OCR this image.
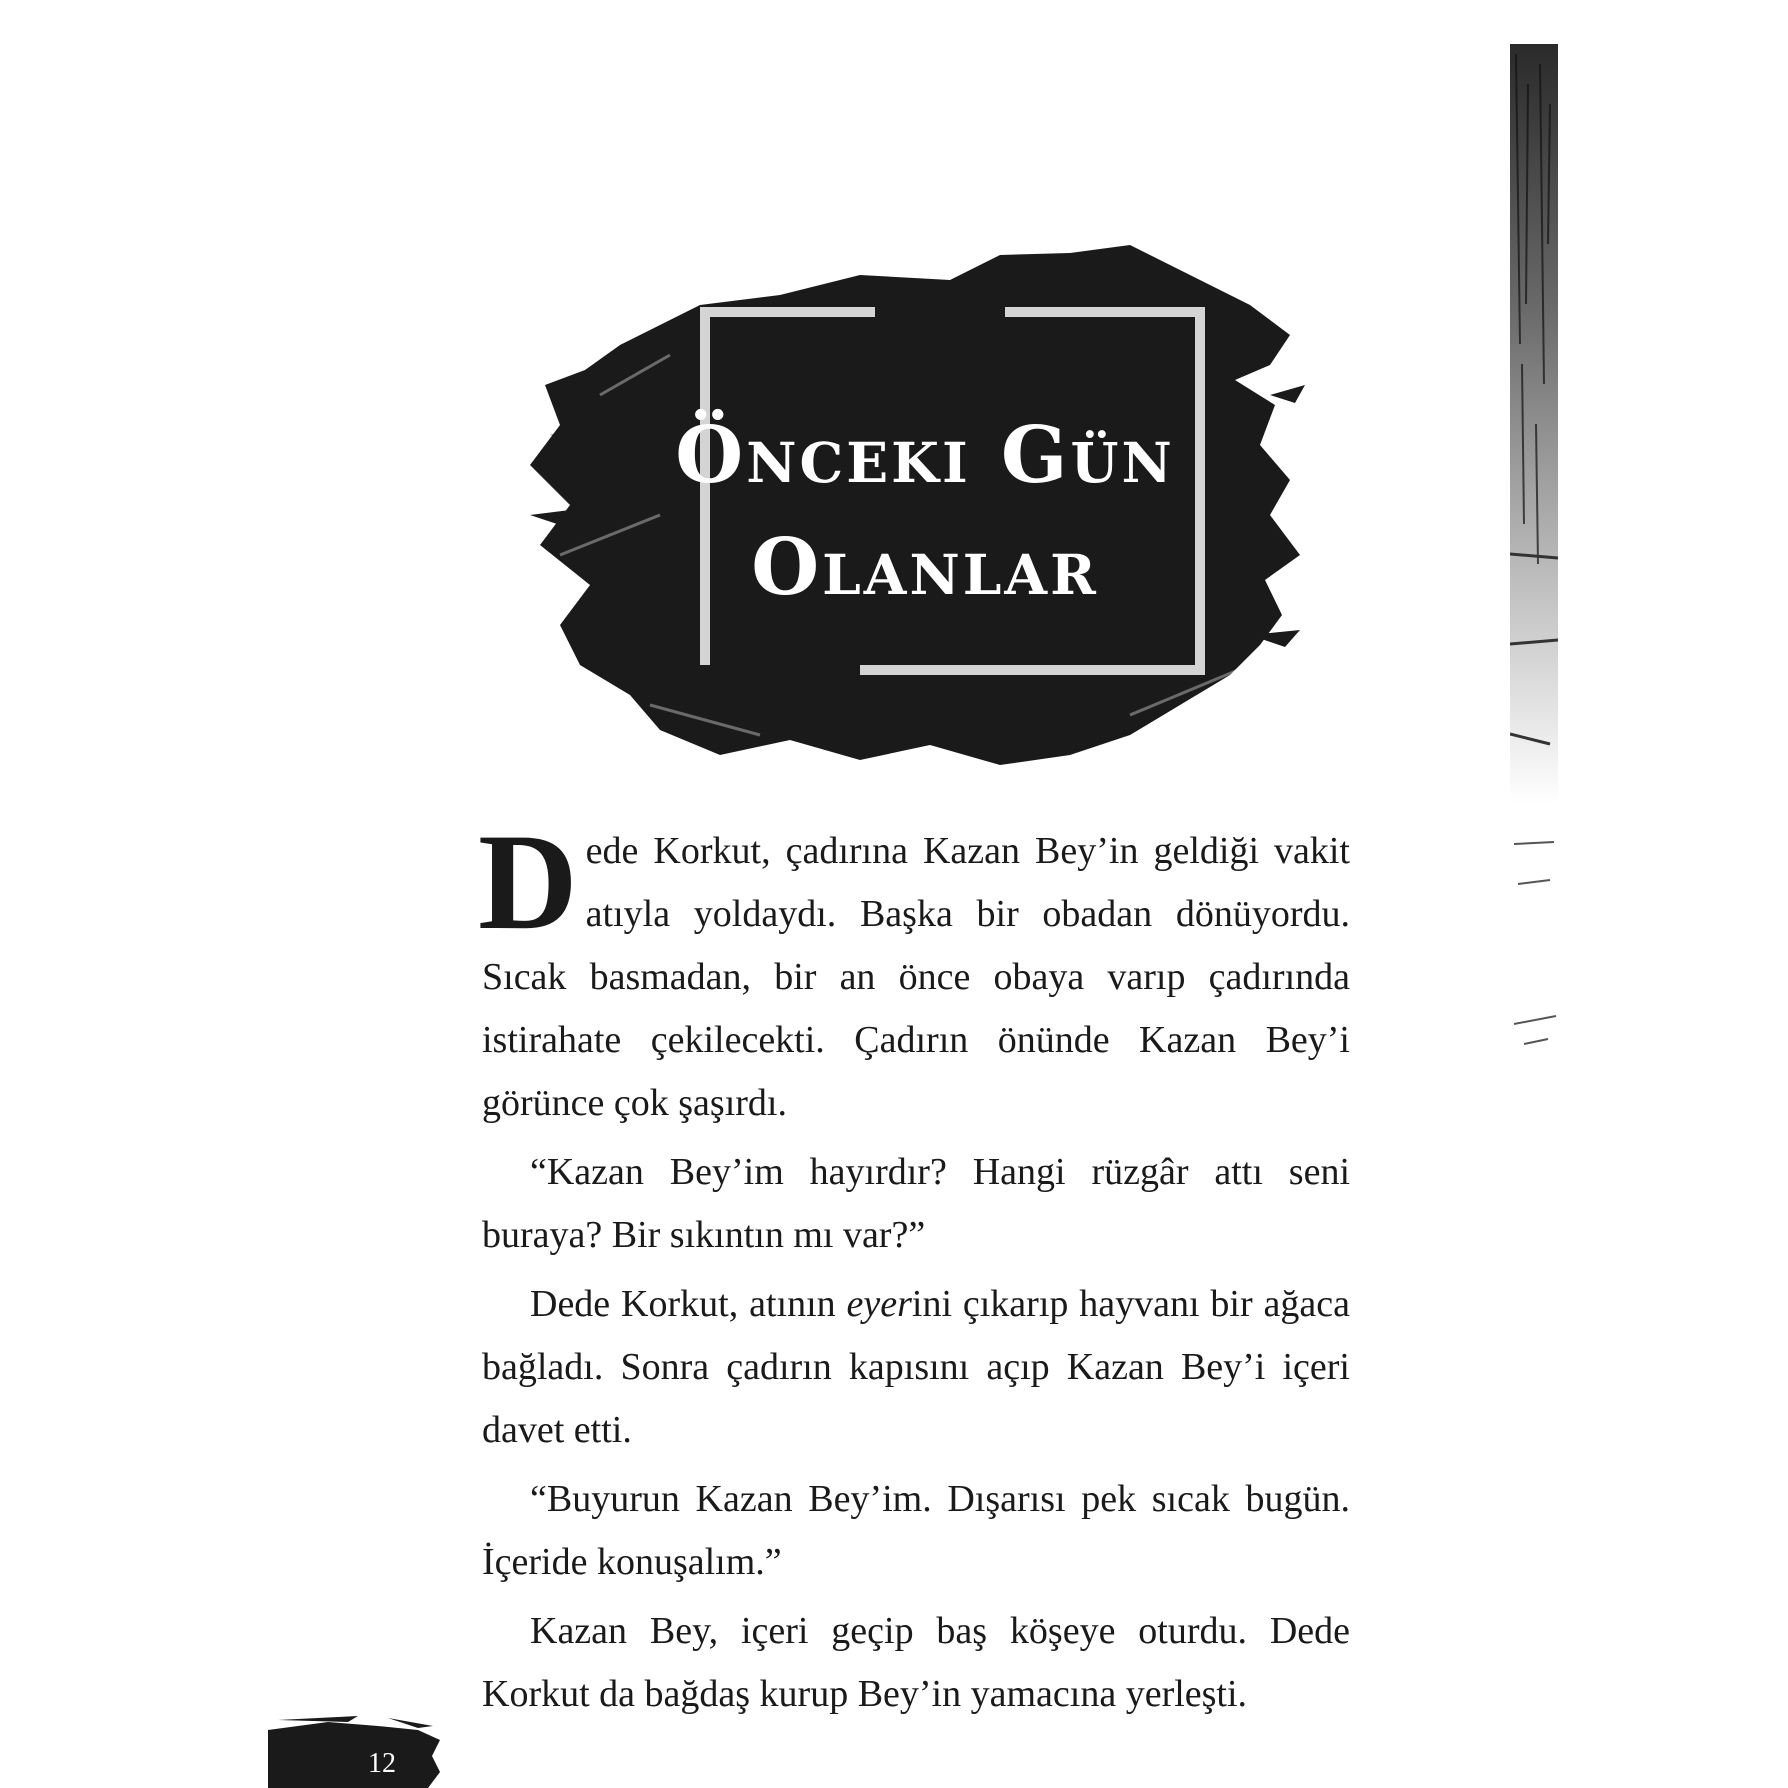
Önceki Gün
Olanlar

Dede Korkut, çadırına Kazan Bey’in geldiği vakit atıyla yoldaydı. Başka bir obadan dönüyordu. Sıcak basmadan, bir an önce obaya varıp çadırında istirahate çekilecekti. Çadırın önünde Kazan Bey’i görünce çok şaşırdı.

“Kazan Bey’im hayırdır? Hangi rüzgâr attı seni buraya? Bir sıkıntın mı var?”

Dede Korkut, atının eyerini çıkarıp hayvanı bir ağaca bağladı. Sonra çadırın kapısını açıp Kazan Bey’i içeri davet etti.

“Buyurun Kazan Bey’im. Dışarısı pek sıcak bugün. İçeride konuşalım.”

Kazan Bey, içeri geçip baş köşeye oturdu. Dede Korkut da bağdaş kurup Bey’in yamacına yerleşti.

12
